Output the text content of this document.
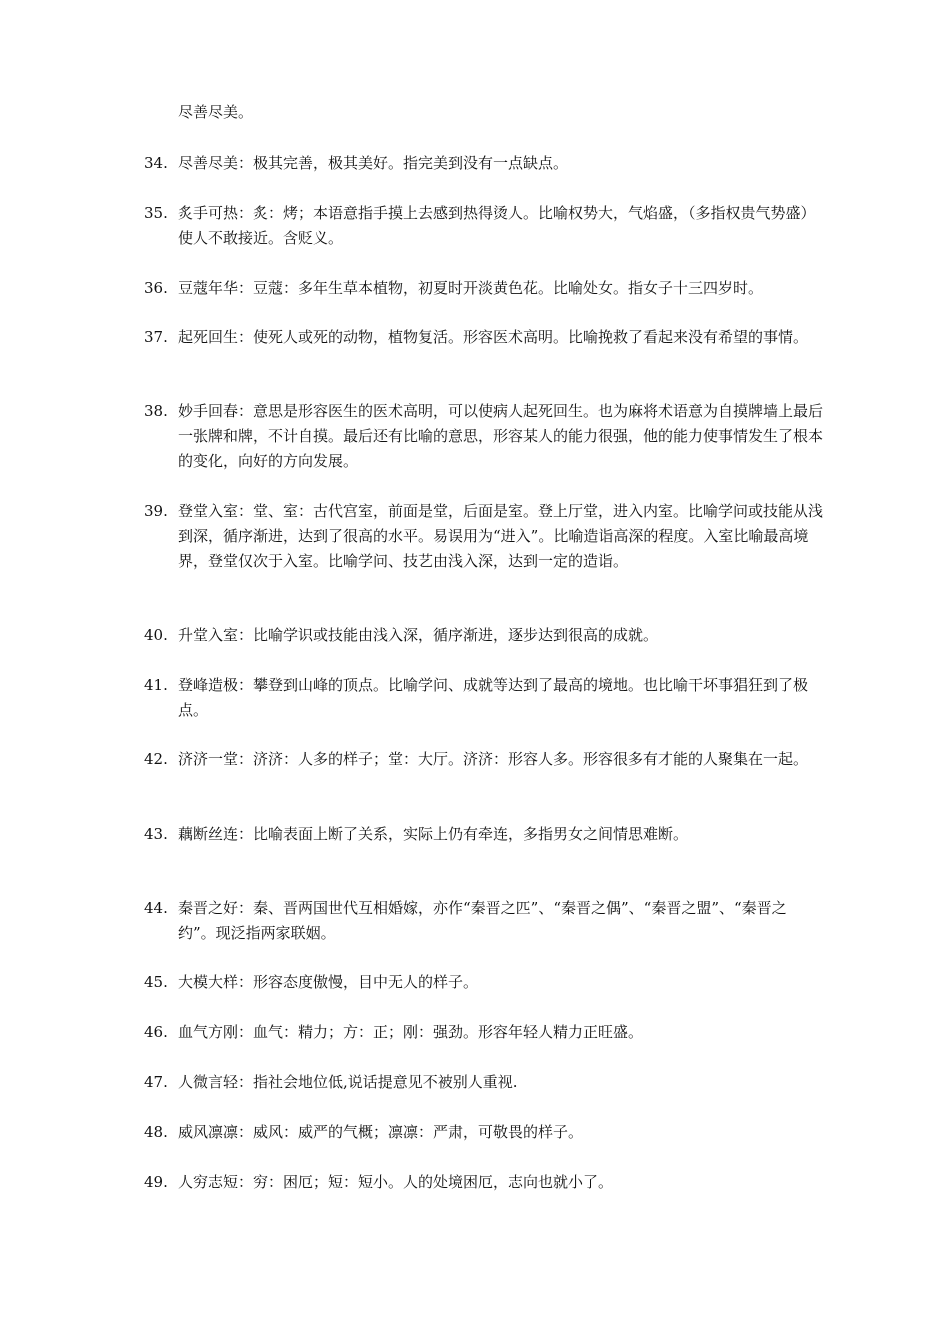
尽善尽美。
34. 尽善尽美：极其完善，极其美好。指完美到没有一点缺点。
35. 炙手可热：炙：烤；本语意指手摸上去感到热得烫人。比喻权势大，气焰盛，（多指权贵气势盛）使人不敢接近。含贬义。
36. 豆蔻年华：豆蔻：多年生草本植物，初夏时开淡黄色花。比喻处女。指女子十三四岁时。
37. 起死回生：使死人或死的动物，植物复活。形容医术高明。比喻挽救了看起来没有希望的事情。
38. 妙手回春：意思是形容医生的医术高明，可以使病人起死回生。也为麻将术语意为自摸牌墙上最后一张牌和牌，不计自摸。最后还有比喻的意思，形容某人的能力很强，他的能力使事情发生了根本的变化，向好的方向发展。
39. 登堂入室：堂、室：古代宫室，前面是堂，后面是室。登上厅堂，进入内室。比喻学问或技能从浅到深，循序渐进，达到了很高的水平。易误用为“进入”。比喻造诣高深的程度。入室比喻最高境界，登堂仅次于入室。比喻学问、技艺由浅入深，达到一定的造诣。
40. 升堂入室：比喻学识或技能由浅入深，循序渐进，逐步达到很高的成就。
41. 登峰造极：攀登到山峰的顶点。比喻学问、成就等达到了最高的境地。也比喻干坏事猖狂到了极点。
42. 济济一堂：济济：人多的样子；堂：大厅。济济：形容人多。形容很多有才能的人聚集在一起。
43. 藕断丝连：比喻表面上断了关系，实际上仍有牵连，多指男女之间情思难断。
44. 秦晋之好：秦、晋两国世代互相婚嫁，亦作“秦晋之匹”、“秦晋之偶”、“秦晋之盟”、“秦晋之约”。现泛指两家联姻。
45. 大模大样：形容态度傲慢，目中无人的样子。
46. 血气方刚：血气：精力；方：正；刚：强劲。形容年轻人精力正旺盛。
47. 人微言轻：指社会地位低,说话提意见不被别人重视.
48. 威风凛凛：威风：威严的气概；凛凛：严肃，可敬畏的样子。
49. 人穷志短：穷：困厄；短：短小。人的处境困厄，志向也就小了。
